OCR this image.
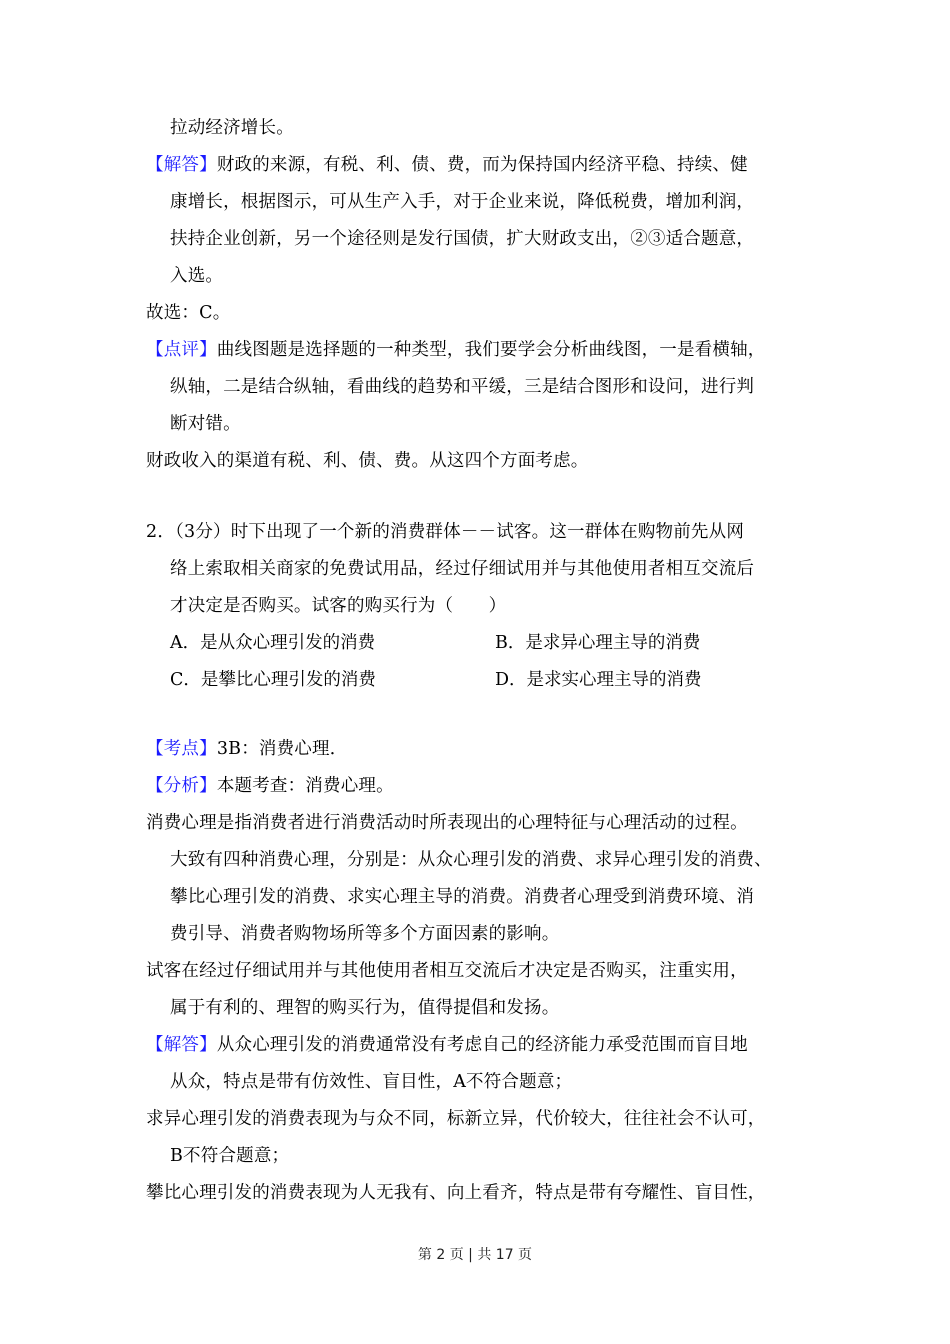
拉动经济增长。
【解答】财政的来源，有税、利、债、费，而为保持国内经济平稳、持续、健
康增长，根据图示，可从生产入手，对于企业来说，降低税费，增加利润，
扶持企业创新，另一个途径则是发行国债，扩大财政支出，②③适合题意，
入选。
故选：C。
【点评】曲线图题是选择题的一种类型，我们要学会分析曲线图，一是看横轴，
纵轴，二是结合纵轴，看曲线的趋势和平缓，三是结合图形和设问，进行判
断对错。
财政收入的渠道有税、利、债、费。从这四个方面考虑。
2．（3分）时下出现了一个新的消费群体－－试客。这一群体在购物前先从网
络上索取相关商家的免费试用品，经过仔细试用并与其他使用者相互交流后
才决定是否购买。试客的购买行为（　　）
A．是从众心理引发的消费	B．是求异心理主导的消费
C．是攀比心理引发的消费	D．是求实心理主导的消费
【考点】3B：消费心理．
【分析】本题考查：消费心理。
消费心理是指消费者进行消费活动时所表现出的心理特征与心理活动的过程。
大致有四种消费心理，分别是：从众心理引发的消费、求异心理引发的消费、
攀比心理引发的消费、求实心理主导的消费。消费者心理受到消费环境、消
费引导、消费者购物场所等多个方面因素的影响。
试客在经过仔细试用并与其他使用者相互交流后才决定是否购买，注重实用，
属于有利的、理智的购买行为，值得提倡和发扬。
【解答】从众心理引发的消费通常没有考虑自己的经济能力承受范围而盲目地
从众，特点是带有仿效性、盲目性，A不符合题意；
求异心理引发的消费表现为与众不同，标新立异，代价较大，往往社会不认可，
B不符合题意；
攀比心理引发的消费表现为人无我有、向上看齐，特点是带有夸耀性、盲目性，
第 2 页 | 共 17 页
